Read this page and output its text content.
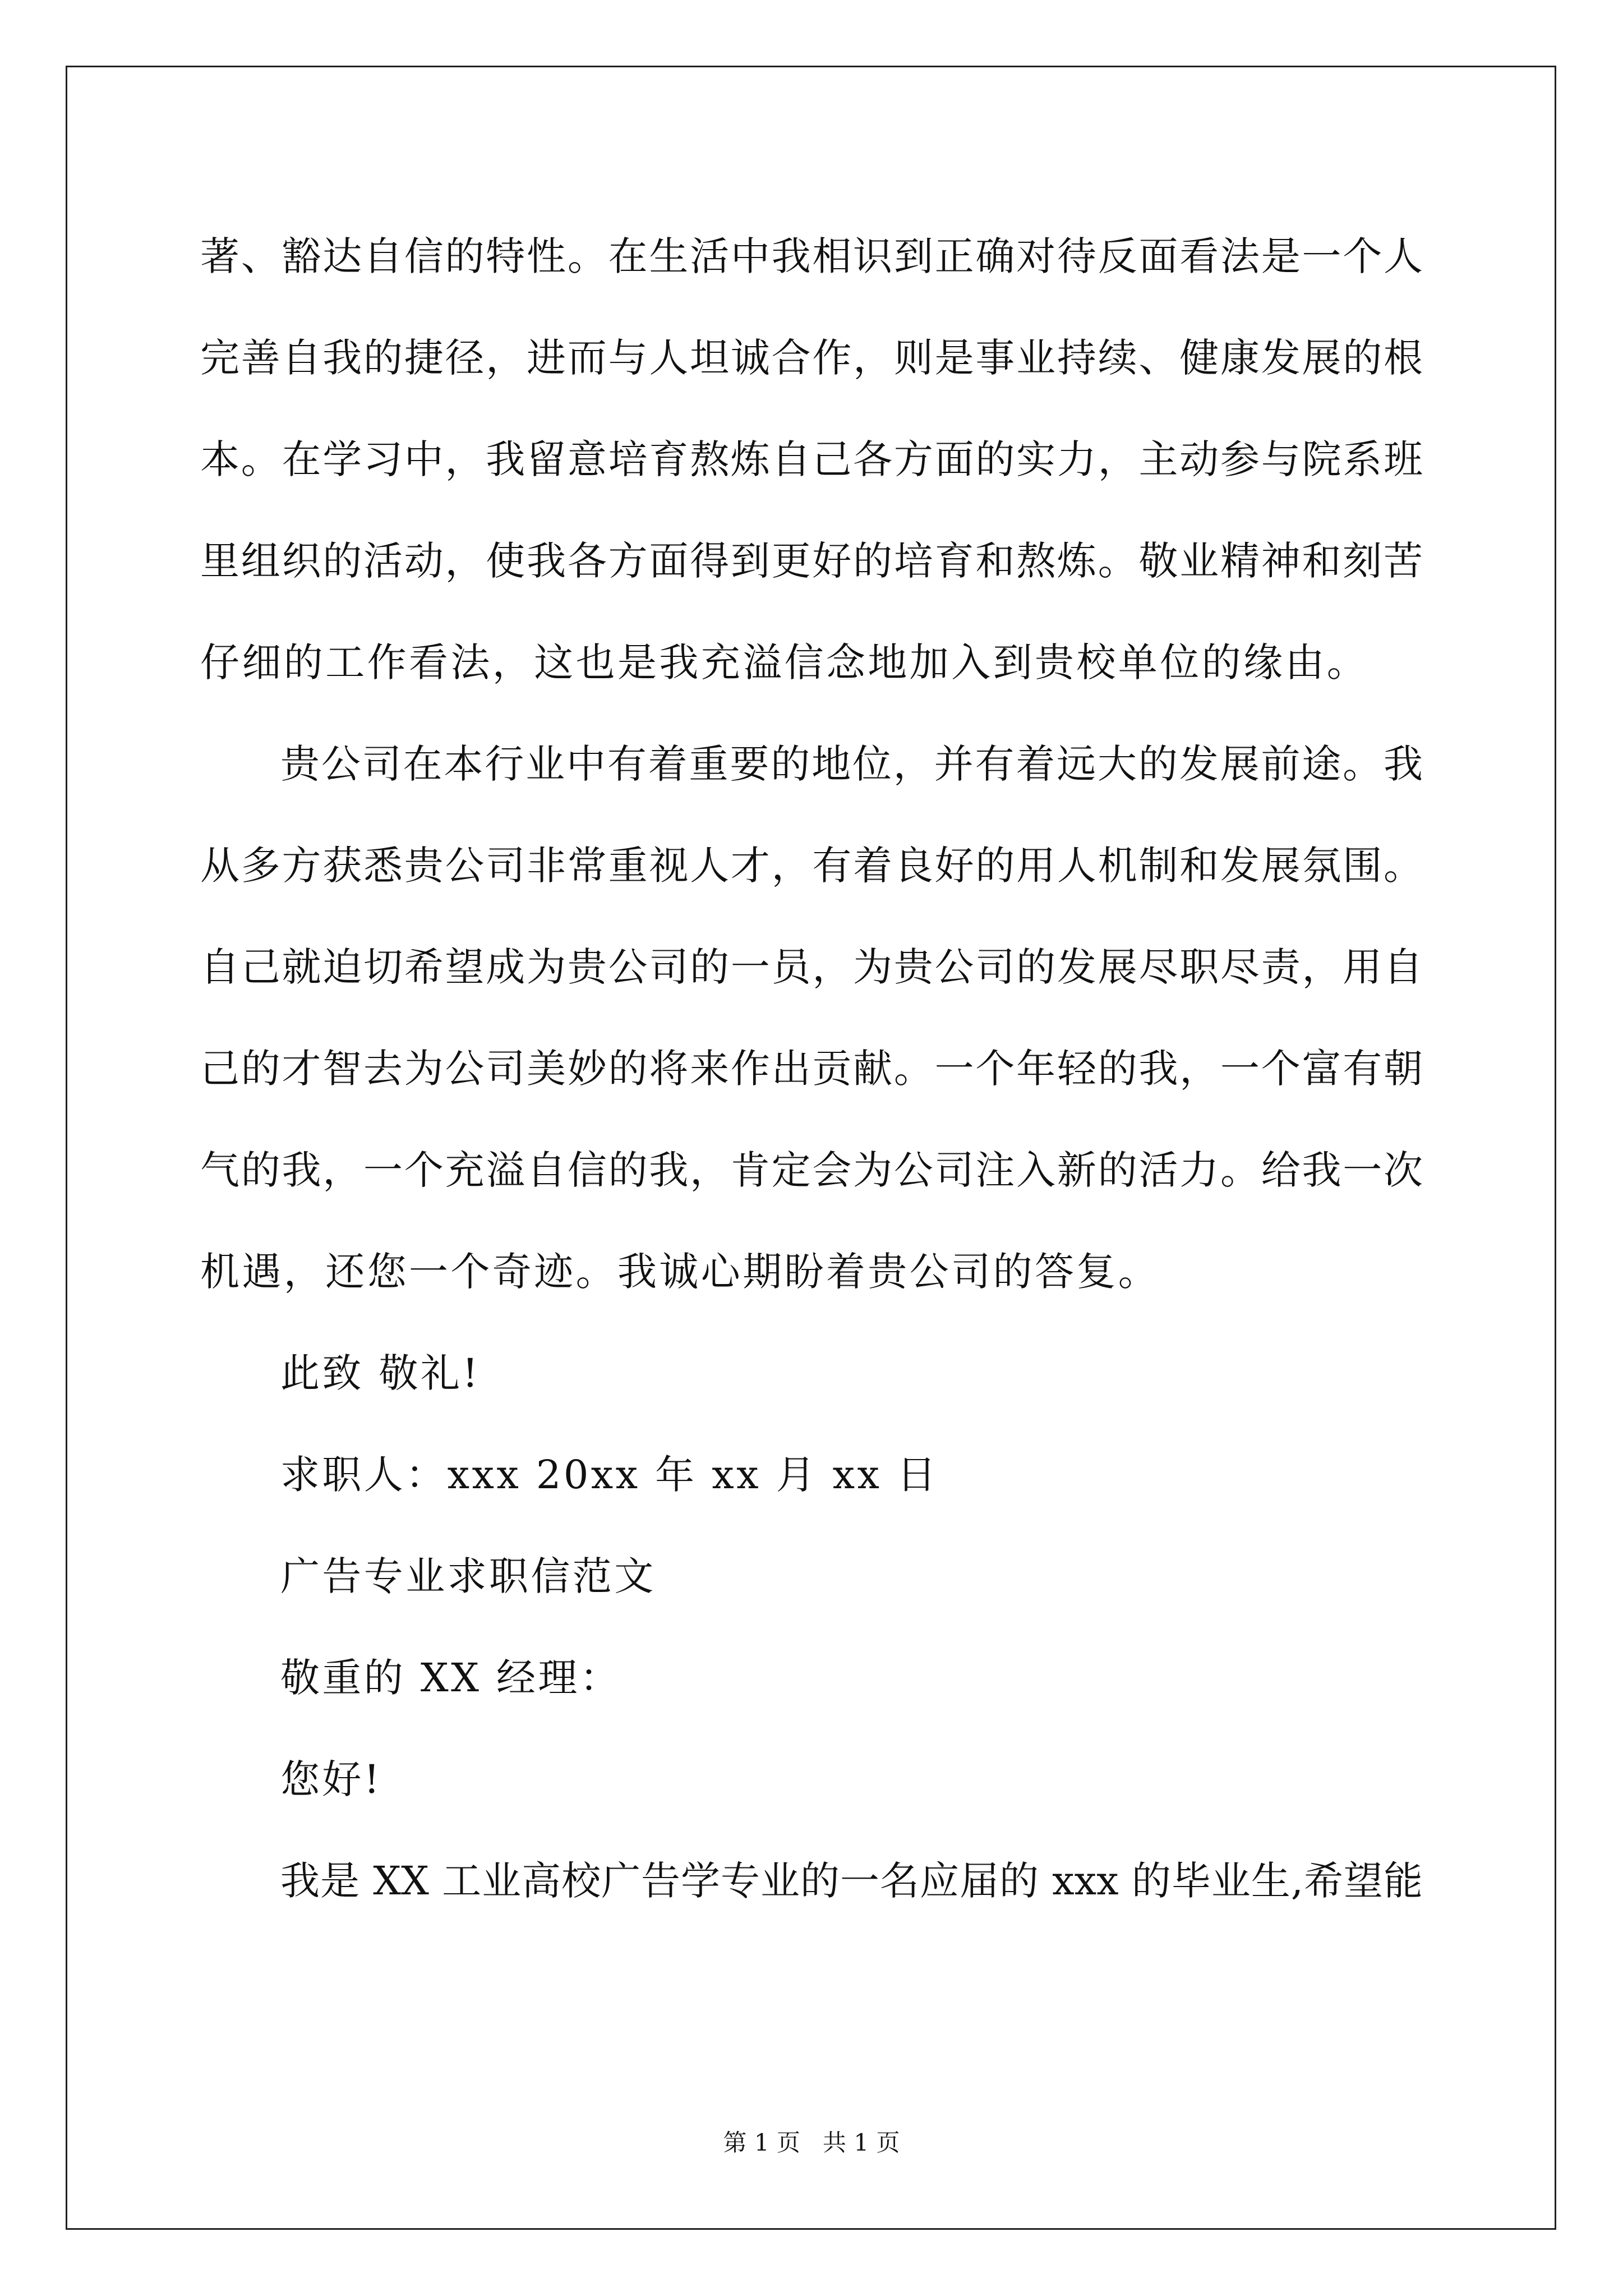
著、豁达自信的特性。在生活中我相识到正确对待反面看法是一个人
完善自我的捷径，进而与人坦诚合作，则是事业持续、健康发展的根
本。在学习中，我留意培育熬炼自己各方面的实力，主动参与院系班
里组织的活动，使我各方面得到更好的培育和熬炼。敬业精神和刻苦
仔细的工作看法，这也是我充溢信念地加入到贵校单位的缘由。
贵公司在本行业中有着重要的地位，并有着远大的发展前途。我
从多方获悉贵公司非常重视人才，有着良好的用人机制和发展氛围。
自己就迫切希望成为贵公司的一员，为贵公司的发展尽职尽责，用自
己的才智去为公司美妙的将来作出贡献。一个年轻的我，一个富有朝
气的我，一个充溢自信的我，肯定会为公司注入新的活力。给我一次
机遇，还您一个奇迹。我诚心期盼着贵公司的答复。
此致 敬礼!
求职人：xxx 20xx 年 xx 月 xx 日
广告专业求职信范文
敬重的 XX 经理：
您好!
我是 XX 工业高校广告学专业的一名应届的 xxx 的毕业生,希望能
第 1 页   共 1 页
